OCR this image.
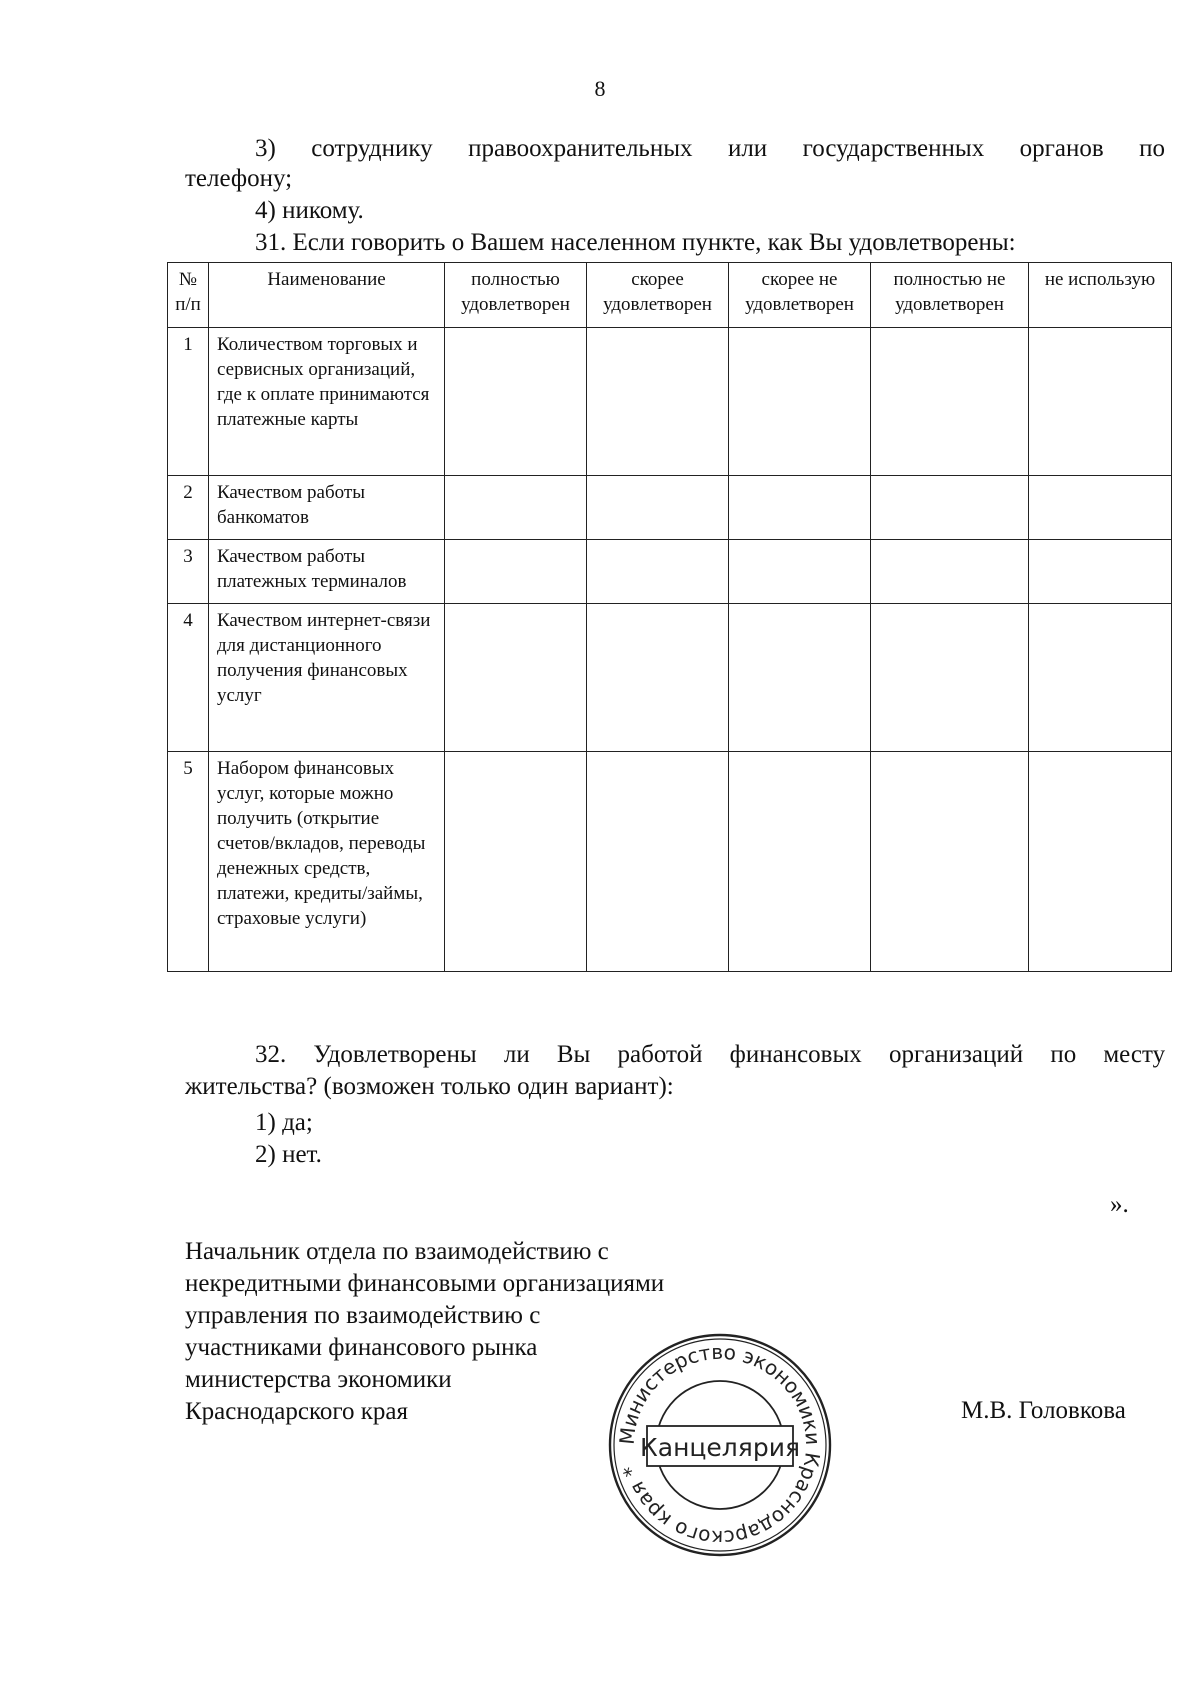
8
3) сотруднику правоохранительных или государственных органов по
телефону;
4) никому.
31. Если говорить о Вашем населенном пункте, как Вы удовлетворены:
№ п/п	Наименование	полностью удовлетворен	скорее удовлетворен	скорее не удовлетворен	полностью не удовлетворен	не использую
1	Количеством торговых и сервисных организаций, где к оплате принимаются платежные карты					
2	Качеством работы банкоматов					
3	Качеством работы платежных терминалов					
4	Качеством интернет-связи для дистанционного получения финансовых услуг					
5	Набором финансовых услуг, которые можно получить (открытие счетов/вкладов, переводы денежных средств, платежи, кредиты/займы, страховые услуги)					
32. Удовлетворены ли Вы работой финансовых организаций по месту
жительства? (возможен только один вариант):
1) да;
2) нет.
».
Начальник отдела по взаимодействию с
некредитными финансовыми организациями
управления по взаимодействию с
участниками финансового рынка
министерства экономики
Краснодарского края
Министерство экономики Краснодарского края *
Канцелярия
М.В. Головкова
